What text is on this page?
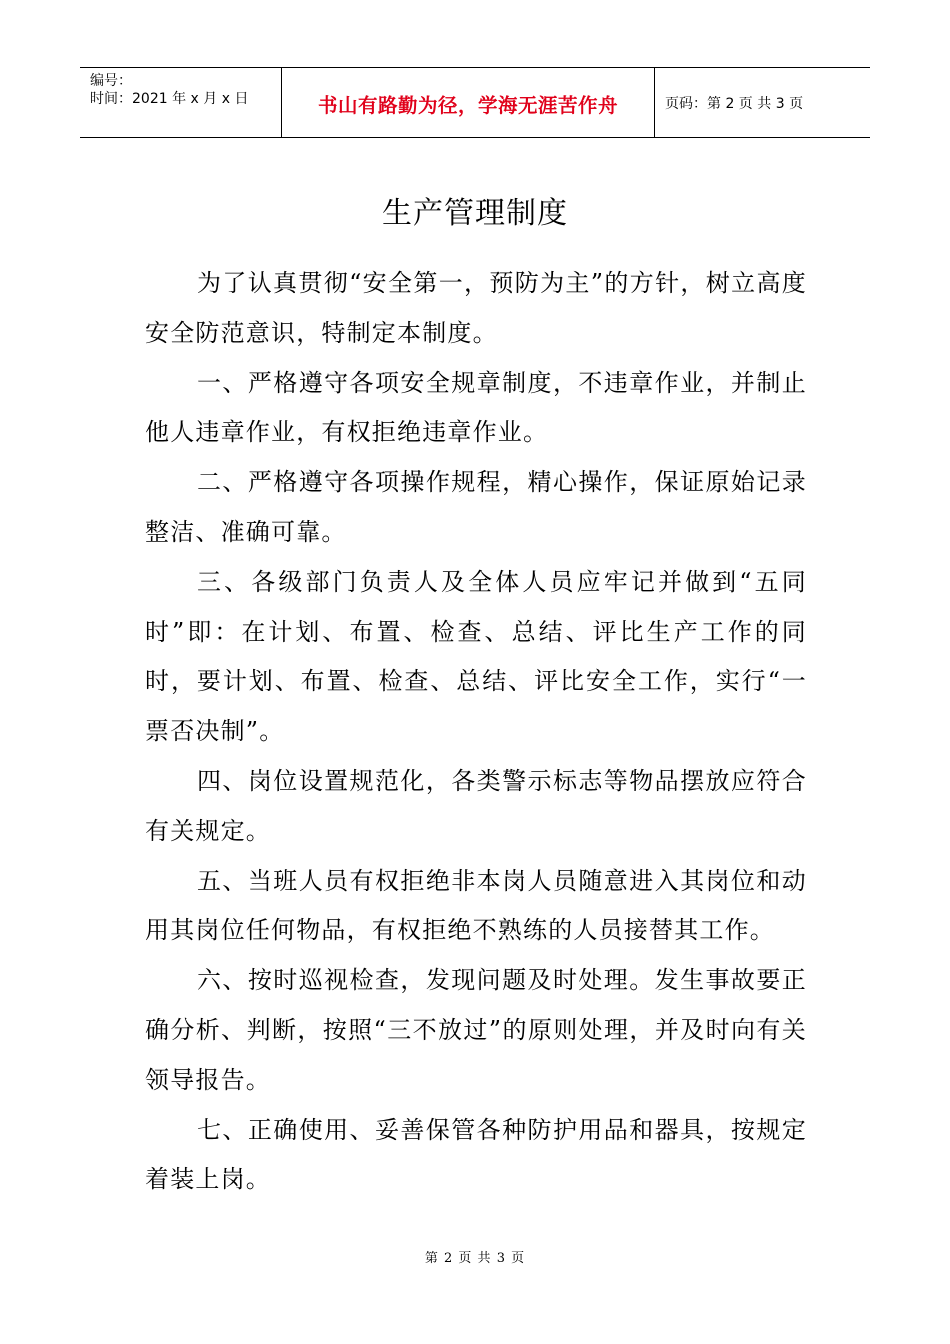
编号：
时间：2021 年 x 月 x 日	书山有路勤为径，学海无涯苦作舟	页码：第 2 页 共 3 页
生产管理制度

为了认真贯彻“安全第一，预防为主”的方针，树立高度安全防范意识，特制定本制度。

一、严格遵守各项安全规章制度，不违章作业，并制止他人违章作业，有权拒绝违章作业。

二、严格遵守各项操作规程，精心操作，保证原始记录整洁、准确可靠。

三、各级部门负责人及全体人员应牢记并做到“五同时”即：在计划、布置、检查、总结、评比生产工作的同时，要计划、布置、检查、总结、评比安全工作，实行“一票否决制”。

四、岗位设置规范化，各类警示标志等物品摆放应符合有关规定。

五、当班人员有权拒绝非本岗人员随意进入其岗位和动用其岗位任何物品，有权拒绝不熟练的人员接替其工作。

六、按时巡视检查，发现问题及时处理。发生事故要正确分析、判断，按照“三不放过”的原则处理，并及时向有关领导报告。

七、正确使用、妥善保管各种防护用品和器具，按规定着装上岗。

第 2 页 共 3 页
